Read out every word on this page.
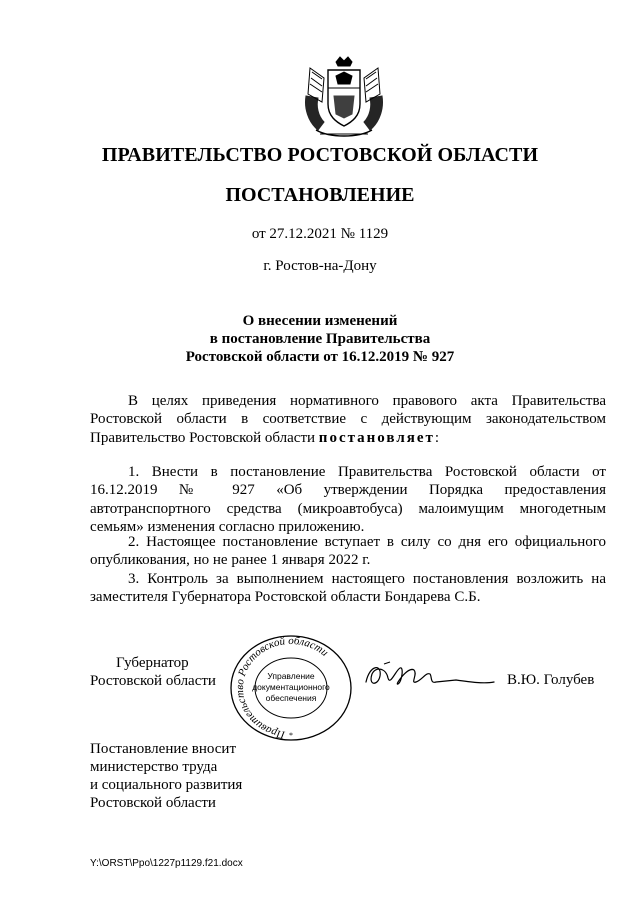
ПРАВИТЕЛЬСТВО РОСТОВСКОЙ ОБЛАСТИ
ПОСТАНОВЛЕНИЕ
от 27.12.2021 № 1129
г. Ростов-на-Дону
О внесении изменений
в постановление Правительства
Ростовской области от 16.12.2019 № 927
В целях приведения нормативного правового акта Правительства Ростовской области в соответствие с действующим законодательством Правительство Ростовской области постановляет:
1. Внести в постановление Правительства Ростовской области от 16.12.2019 № 927 «Об утверждении Порядка предоставления автотранспортного средства (микроавтобуса) малоимущим многодетным семьям» изменения согласно приложению.
2. Настоящее постановление вступает в силу со дня его официального опубликования, но не ранее 1 января 2022 г.
3. Контроль за выполнением настоящего постановления возложить на заместителя Губернатора Ростовской области Бондарева С.Б.
Губернатор
Ростовской области
Правительство Ростовской области
Управление
документационного
обеспечения
*
В.Ю. Голубев
Постановление вносит
министерство труда
и социального развития
Ростовской области
Y:\ORST\Ppo\1227p1129.f21.docx
